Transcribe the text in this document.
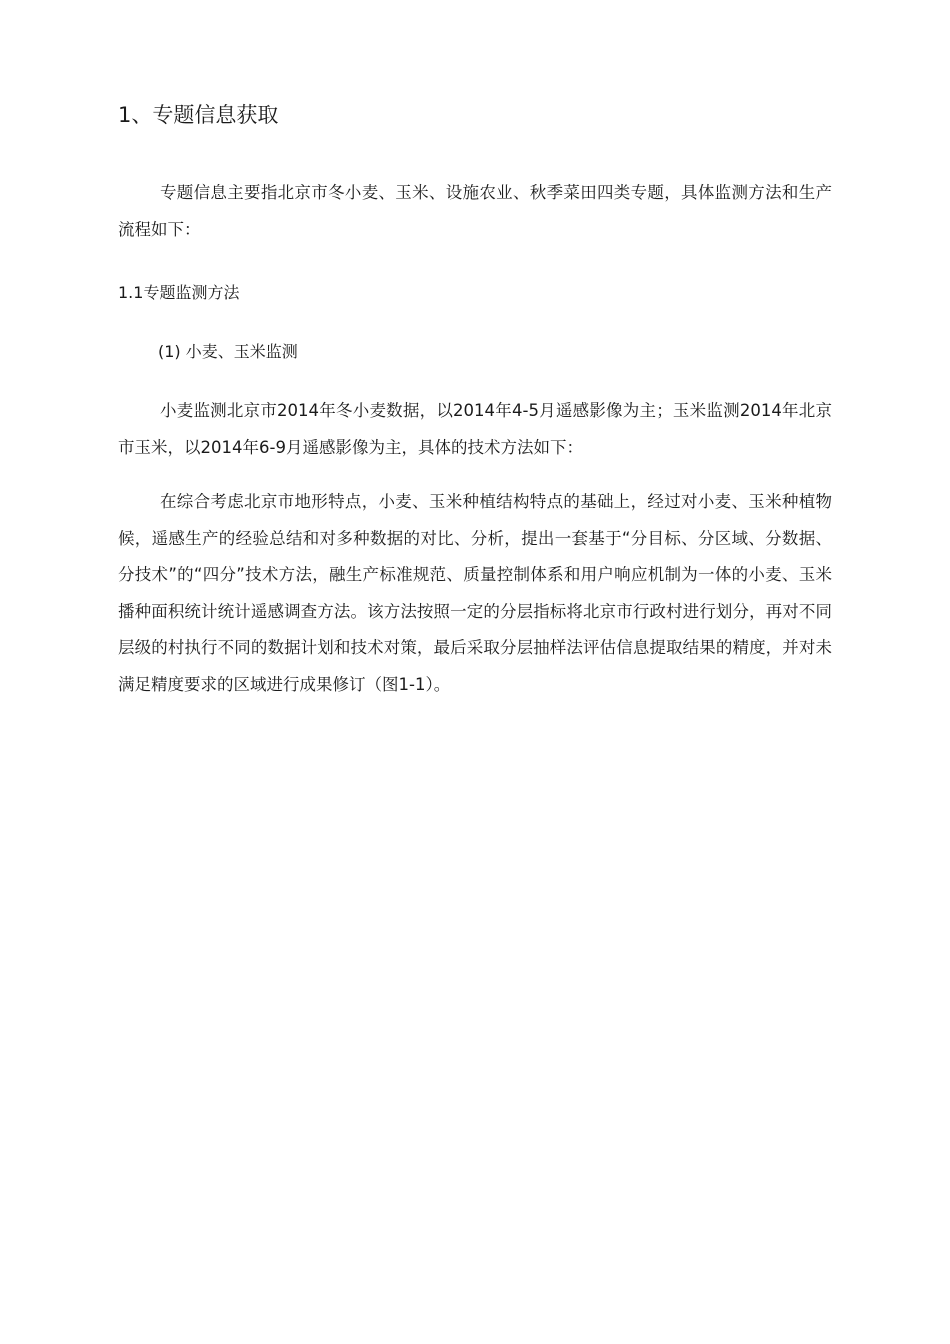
1、专题信息获取

专题信息主要指北京市冬小麦、玉米、设施农业、秋季菜田四类专题，具体监测方法和生产流程如下：

1.1专题监测方法
(1) 小麦、玉米监测

小麦监测北京市2014年冬小麦数据，以2014年4-5月遥感影像为主；玉米监测2014年北京市玉米，以2014年6-9月遥感影像为主，具体的技术方法如下：

在综合考虑北京市地形特点，小麦、玉米种植结构特点的基础上，经过对小麦、玉米种植物候，遥感生产的经验总结和对多种数据的对比、分析，提出一套基于“分目标、分区域、分数据、分技术”的“四分”技术方法，融生产标准规范、质量控制体系和用户响应机制为一体的小麦、玉米播种面积统计统计遥感调查方法。该方法按照一定的分层指标将北京市行政村进行划分，再对不同层级的村执行不同的数据计划和技术对策，最后采取分层抽样法评估信息提取结果的精度，并对未满足精度要求的区域进行成果修订（图1-1）。
